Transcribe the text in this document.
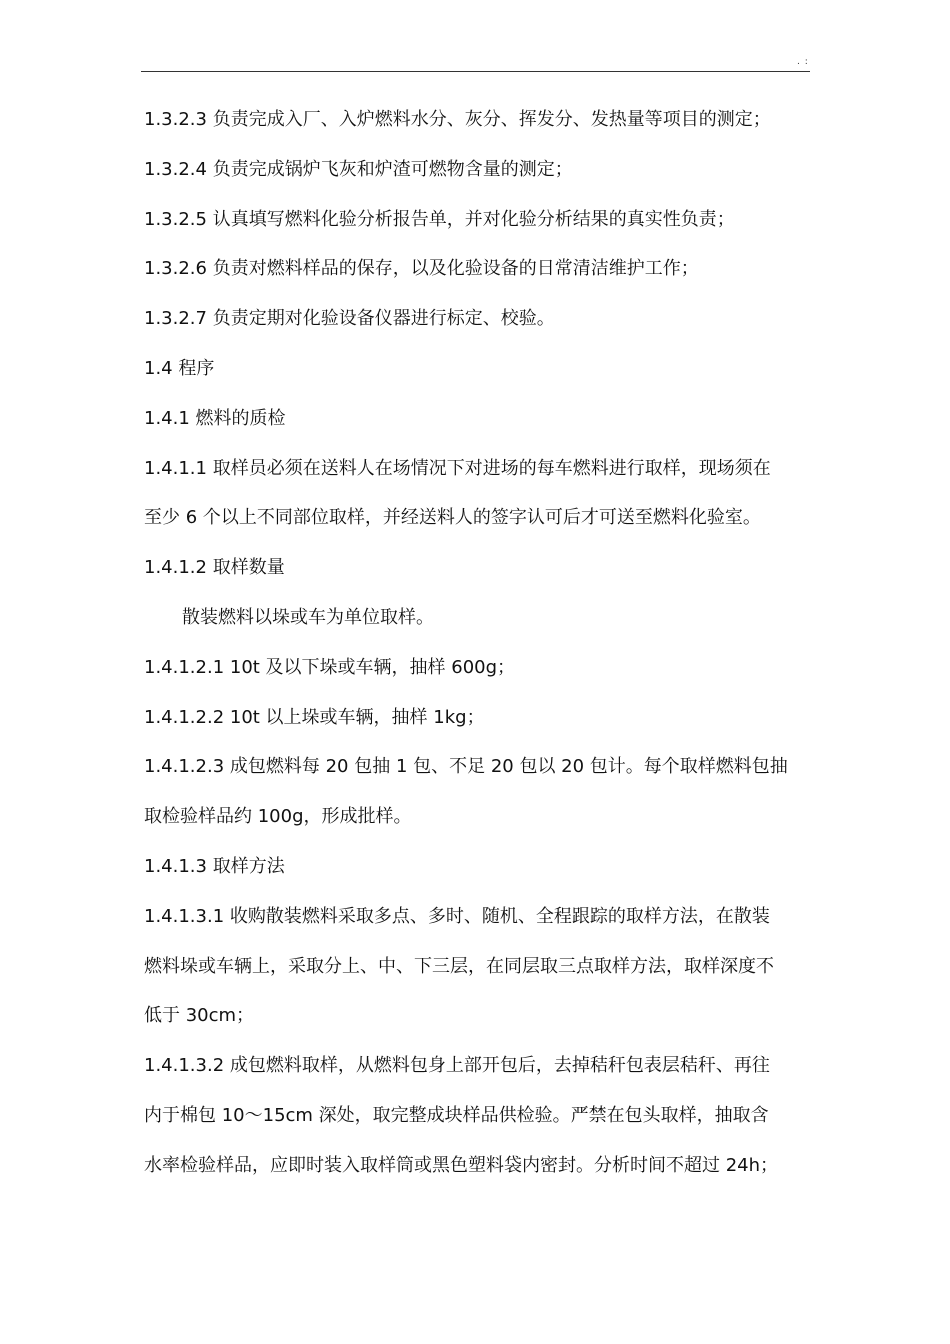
. :
1.3.2.3 负责完成入厂、入炉燃料水分、灰分、挥发分、发热量等项目的测定；
1.3.2.4 负责完成锅炉飞灰和炉渣可燃物含量的测定；
1.3.2.5 认真填写燃料化验分析报告单，并对化验分析结果的真实性负责；
1.3.2.6 负责对燃料样品的保存，以及化验设备的日常清洁维护工作；
1.3.2.7 负责定期对化验设备仪器进行标定、校验。
1.4 程序
1.4.1 燃料的质检
1.4.1.1 取样员必须在送料人在场情况下对进场的每车燃料进行取样，现场须在
至少 6 个以上不同部位取样，并经送料人的签字认可后才可送至燃料化验室。
1.4.1.2 取样数量
散装燃料以垛或车为单位取样。
1.4.1.2.1 10t 及以下垛或车辆，抽样 600g；
1.4.1.2.2 10t 以上垛或车辆，抽样 1kg；
1.4.1.2.3 成包燃料每 20 包抽 1 包、不足 20 包以 20 包计。每个取样燃料包抽
取检验样品约 100g，形成批样。
1.4.1.3 取样方法
1.4.1.3.1 收购散装燃料采取多点、多时、随机、全程跟踪的取样方法，在散装
燃料垛或车辆上，采取分上、中、下三层，在同层取三点取样方法，取样深度不
低于 30cm；
1.4.1.3.2 成包燃料取样，从燃料包身上部开包后，去掉秸秆包表层秸秆、再往
内于棉包 10～15cm 深处，取完整成块样品供检验。严禁在包头取样，抽取含
水率检验样品，应即时装入取样筒或黑色塑料袋内密封。分析时间不超过 24h；
